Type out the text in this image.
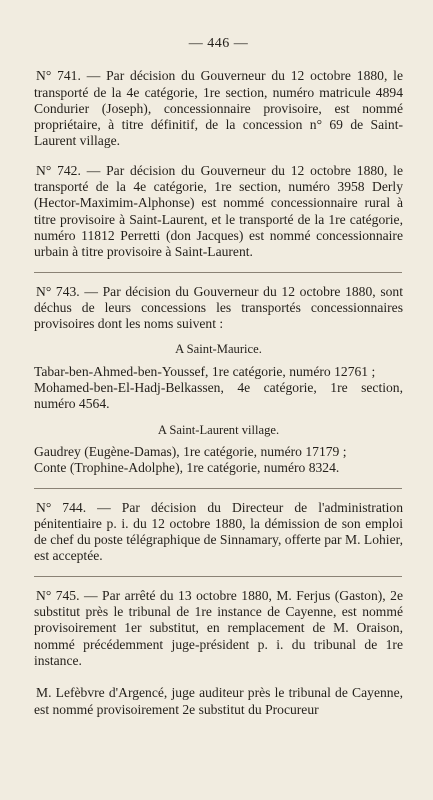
— 446 —

N° 741. — Par décision du Gouverneur du 12 octobre 1880, le transporté de la 4e catégorie, 1re section, numéro matricule 4894 Condurier (Joseph), concessionnaire provisoire, est nommé propriétaire, à titre définitif, de la concession n° 69 de Saint-Laurent village.

N° 742. — Par décision du Gouverneur du 12 octobre 1880, le transporté de la 4e catégorie, 1re section, numéro 3958 Derly (Hector-Maximim-Alphonse) est nommé concessionnaire rural à titre provisoire à Saint-Laurent, et le transporté de la 1re catégorie, numéro 11812 Perretti (don Jacques) est nommé concessionnaire urbain à titre provisoire à Saint-Laurent.

N° 743. — Par décision du Gouverneur du 12 octobre 1880, sont déchus de leurs concessions les transportés concessionnaires provisoires dont les noms suivent :

A Saint-Maurice.

Tabar-ben-Ahmed-ben-Youssef, 1re catégorie, numéro 12761 ;

Mohamed-ben-El-Hadj-Belkassen, 4e catégorie, 1re section, numéro 4564.

A Saint-Laurent village.

Gaudrey (Eugène-Damas), 1re catégorie, numéro 17179 ;

Conte (Trophine-Adolphe), 1re catégorie, numéro 8324.

N° 744. — Par décision du Directeur de l'administration pénitentiaire p. i. du 12 octobre 1880, la démission de son emploi de chef du poste télégraphique de Sinnamary, offerte par M. Lohier, est acceptée.

N° 745. — Par arrêté du 13 octobre 1880, M. Ferjus (Gaston), 2e substitut près le tribunal de 1re instance de Cayenne, est nommé provisoirement 1er substitut, en remplacement de M. Oraison, nommé précédemment juge-président p. i. du tribunal de 1re instance.

M. Lefèbvre d'Argencé, juge auditeur près le tribunal de Cayenne, est nommé provisoirement 2e substitut du Procureur
